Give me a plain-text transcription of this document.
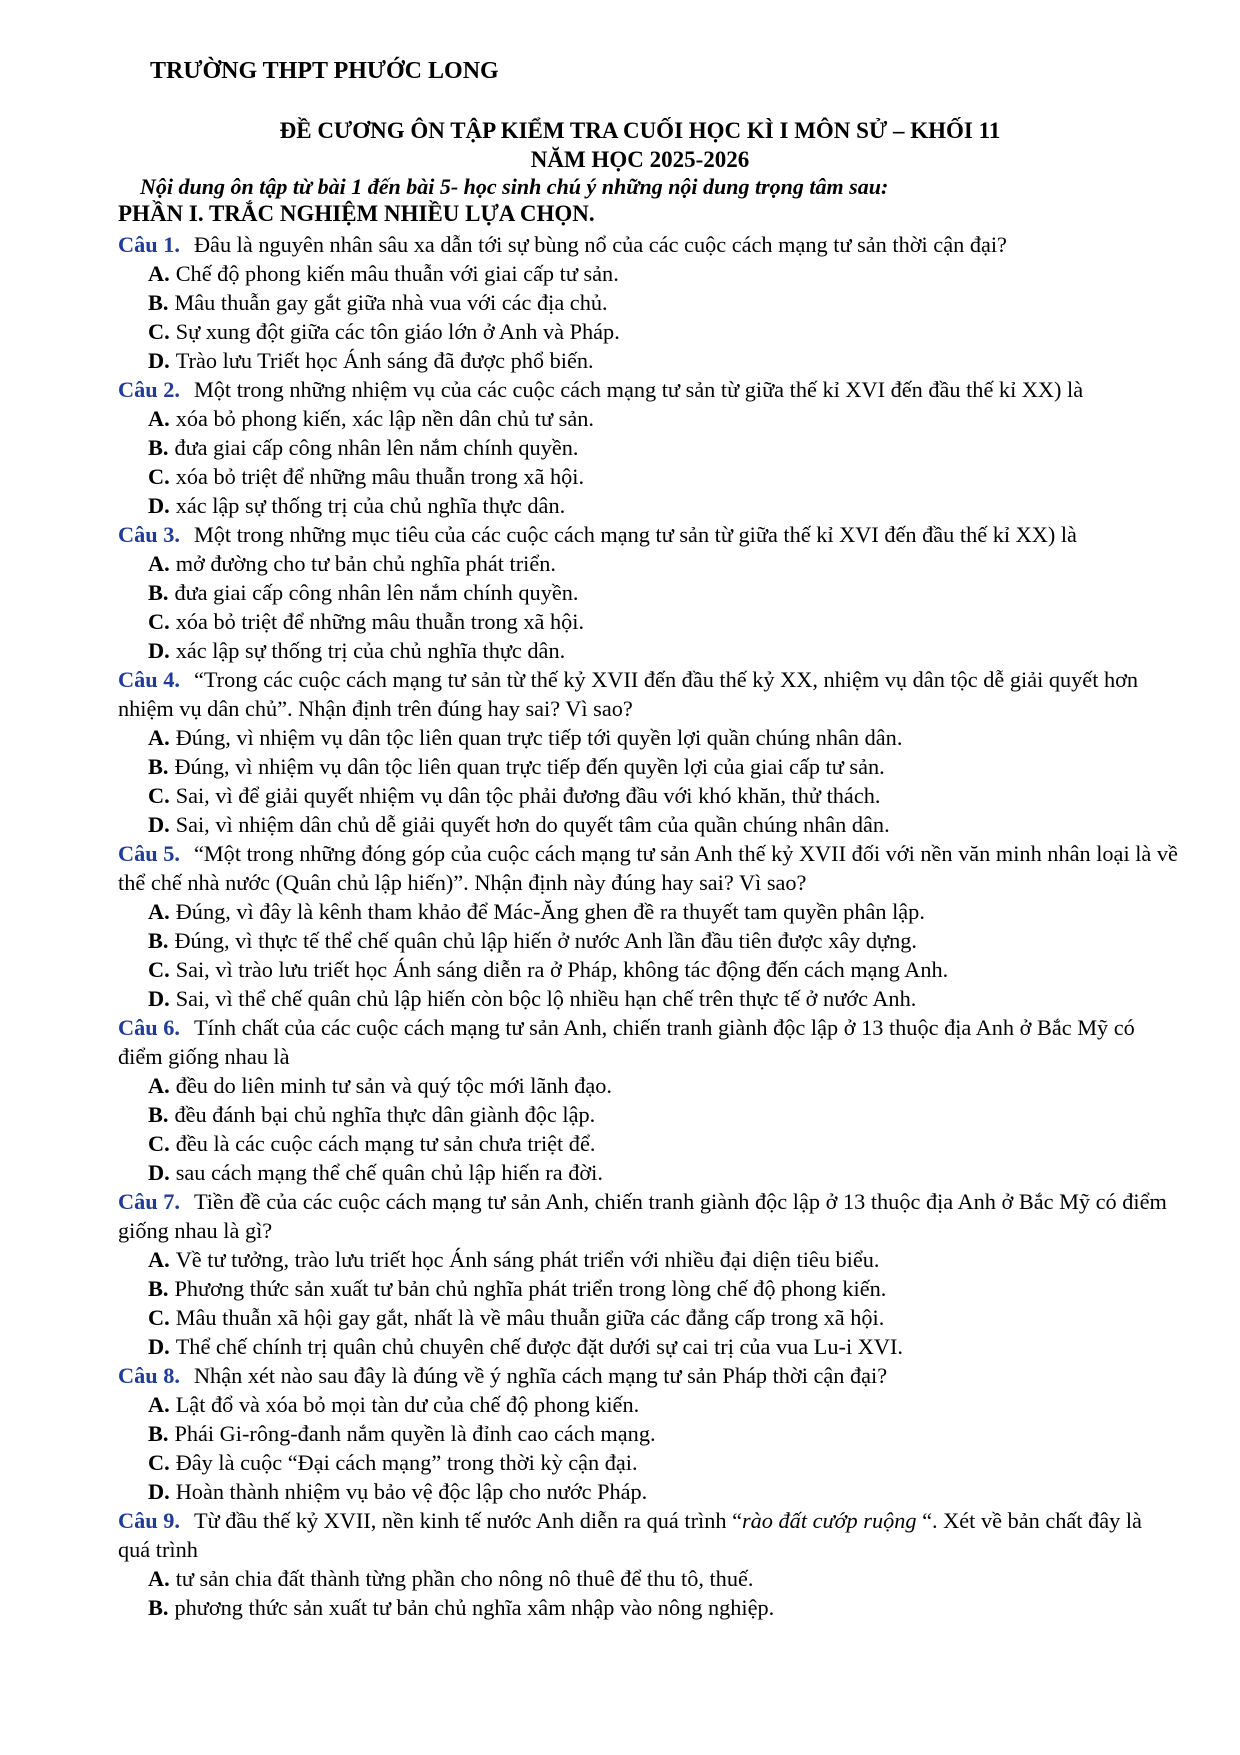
TRƯỜNG THPT PHƯỚC LONG
ĐỀ CƯƠNG ÔN TẬP KIỂM TRA CUỐI HỌC KÌ I MÔN SỬ – KHỐI 11
NĂM HỌC 2025-2026
Nội dung ôn tập từ bài 1 đến bài 5- học sinh chú ý những nội dung trọng tâm sau:
PHẦN I. TRẮC NGHIỆM NHIỀU LỰA CHỌN.

Câu 1. Đâu là nguyên nhân sâu xa dẫn tới sự bùng nổ của các cuộc cách mạng tư sản thời cận đại?

A. Chế độ phong kiến mâu thuẫn với giai cấp tư sản.

B. Mâu thuẫn gay gắt giữa nhà vua với các địa chủ.

C. Sự xung đột giữa các tôn giáo lớn ở Anh và Pháp.

D. Trào lưu Triết học Ánh sáng đã được phổ biến.

Câu 2. Một trong những nhiệm vụ của các cuộc cách mạng tư sản từ giữa thế kỉ XVI đến đầu thế kỉ XX) là

A. xóa bỏ phong kiến, xác lập nền dân chủ tư sản.

B. đưa giai cấp công nhân lên nắm chính quyền.

C. xóa bỏ triệt để những mâu thuẫn trong xã hội.

D. xác lập sự thống trị của chủ nghĩa thực dân.

Câu 3. Một trong những mục tiêu của các cuộc cách mạng tư sản từ giữa thế kỉ XVI đến đầu thế kỉ XX) là

A. mở đường cho tư bản chủ nghĩa phát triển.

B. đưa giai cấp công nhân lên nắm chính quyền.

C. xóa bỏ triệt để những mâu thuẫn trong xã hội.

D. xác lập sự thống trị của chủ nghĩa thực dân.

Câu 4. “Trong các cuộc cách mạng tư sản từ thế kỷ XVII đến đầu thế kỷ XX, nhiệm vụ dân tộc dễ giải quyết hơn nhiệm vụ dân chủ”. Nhận định trên đúng hay sai? Vì sao?

A. Đúng, vì nhiệm vụ dân tộc liên quan trực tiếp tới quyền lợi quần chúng nhân dân.

B. Đúng, vì nhiệm vụ dân tộc liên quan trực tiếp đến quyền lợi của giai cấp tư sản.

C. Sai, vì để giải quyết nhiệm vụ dân tộc phải đương đầu với khó khăn, thử thách.

D. Sai, vì nhiệm dân chủ dễ giải quyết hơn do quyết tâm của quần chúng nhân dân.

Câu 5. “Một trong những đóng góp của cuộc cách mạng tư sản Anh thế kỷ XVII đối với nền văn minh nhân loại là về thể chế nhà nước (Quân chủ lập hiến)”. Nhận định này đúng hay sai? Vì sao?

A. Đúng, vì đây là kênh tham khảo để Mác-Ăng ghen đề ra thuyết tam quyền phân lập.

B. Đúng, vì thực tế thể chế quân chủ lập hiến ở nước Anh lần đầu tiên được xây dựng.

C. Sai, vì trào lưu triết học Ánh sáng diễn ra ở Pháp, không tác động đến cách mạng Anh.

D. Sai, vì thể chế quân chủ lập hiến còn bộc lộ nhiều hạn chế trên thực tế ở nước Anh.

Câu 6. Tính chất của các cuộc cách mạng tư sản Anh, chiến tranh giành độc lập ở 13 thuộc địa Anh ở Bắc Mỹ có điểm giống nhau là

A. đều do liên minh tư sản và quý tộc mới lãnh đạo.

B. đều đánh bại chủ nghĩa thực dân giành độc lập.

C. đều là các cuộc cách mạng tư sản chưa triệt để.

D. sau cách mạng thể chế quân chủ lập hiến ra đời.

Câu 7. Tiền đề của các cuộc cách mạng tư sản Anh, chiến tranh giành độc lập ở 13 thuộc địa Anh ở Bắc Mỹ có điểm giống nhau là gì?

A. Về tư tưởng, trào lưu triết học Ánh sáng phát triển với nhiều đại diện tiêu biểu.

B. Phương thức sản xuất tư bản chủ nghĩa phát triển trong lòng chế độ phong kiến.

C. Mâu thuẫn xã hội gay gắt, nhất là về mâu thuẫn giữa các đẳng cấp trong xã hội.

D. Thể chế chính trị quân chủ chuyên chế được đặt dưới sự cai trị của vua Lu-i XVI.

Câu 8. Nhận xét nào sau đây là đúng về ý nghĩa cách mạng tư sản Pháp thời cận đại?

A. Lật đổ và xóa bỏ mọi tàn dư của chế độ phong kiến.

B. Phái Gi-rông-đanh nắm quyền là đỉnh cao cách mạng.

C. Đây là cuộc “Đại cách mạng” trong thời kỳ cận đại.

D. Hoàn thành nhiệm vụ bảo vệ độc lập cho nước Pháp.

Câu 9. Từ đầu thế kỷ XVII, nền kinh tế nước Anh diễn ra quá trình “rào đất cướp ruộng “. Xét về bản chất đây là quá trình

A. tư sản chia đất thành từng phần cho nông nô thuê để thu tô, thuế.

B. phương thức sản xuất tư bản chủ nghĩa xâm nhập vào nông nghiệp.
